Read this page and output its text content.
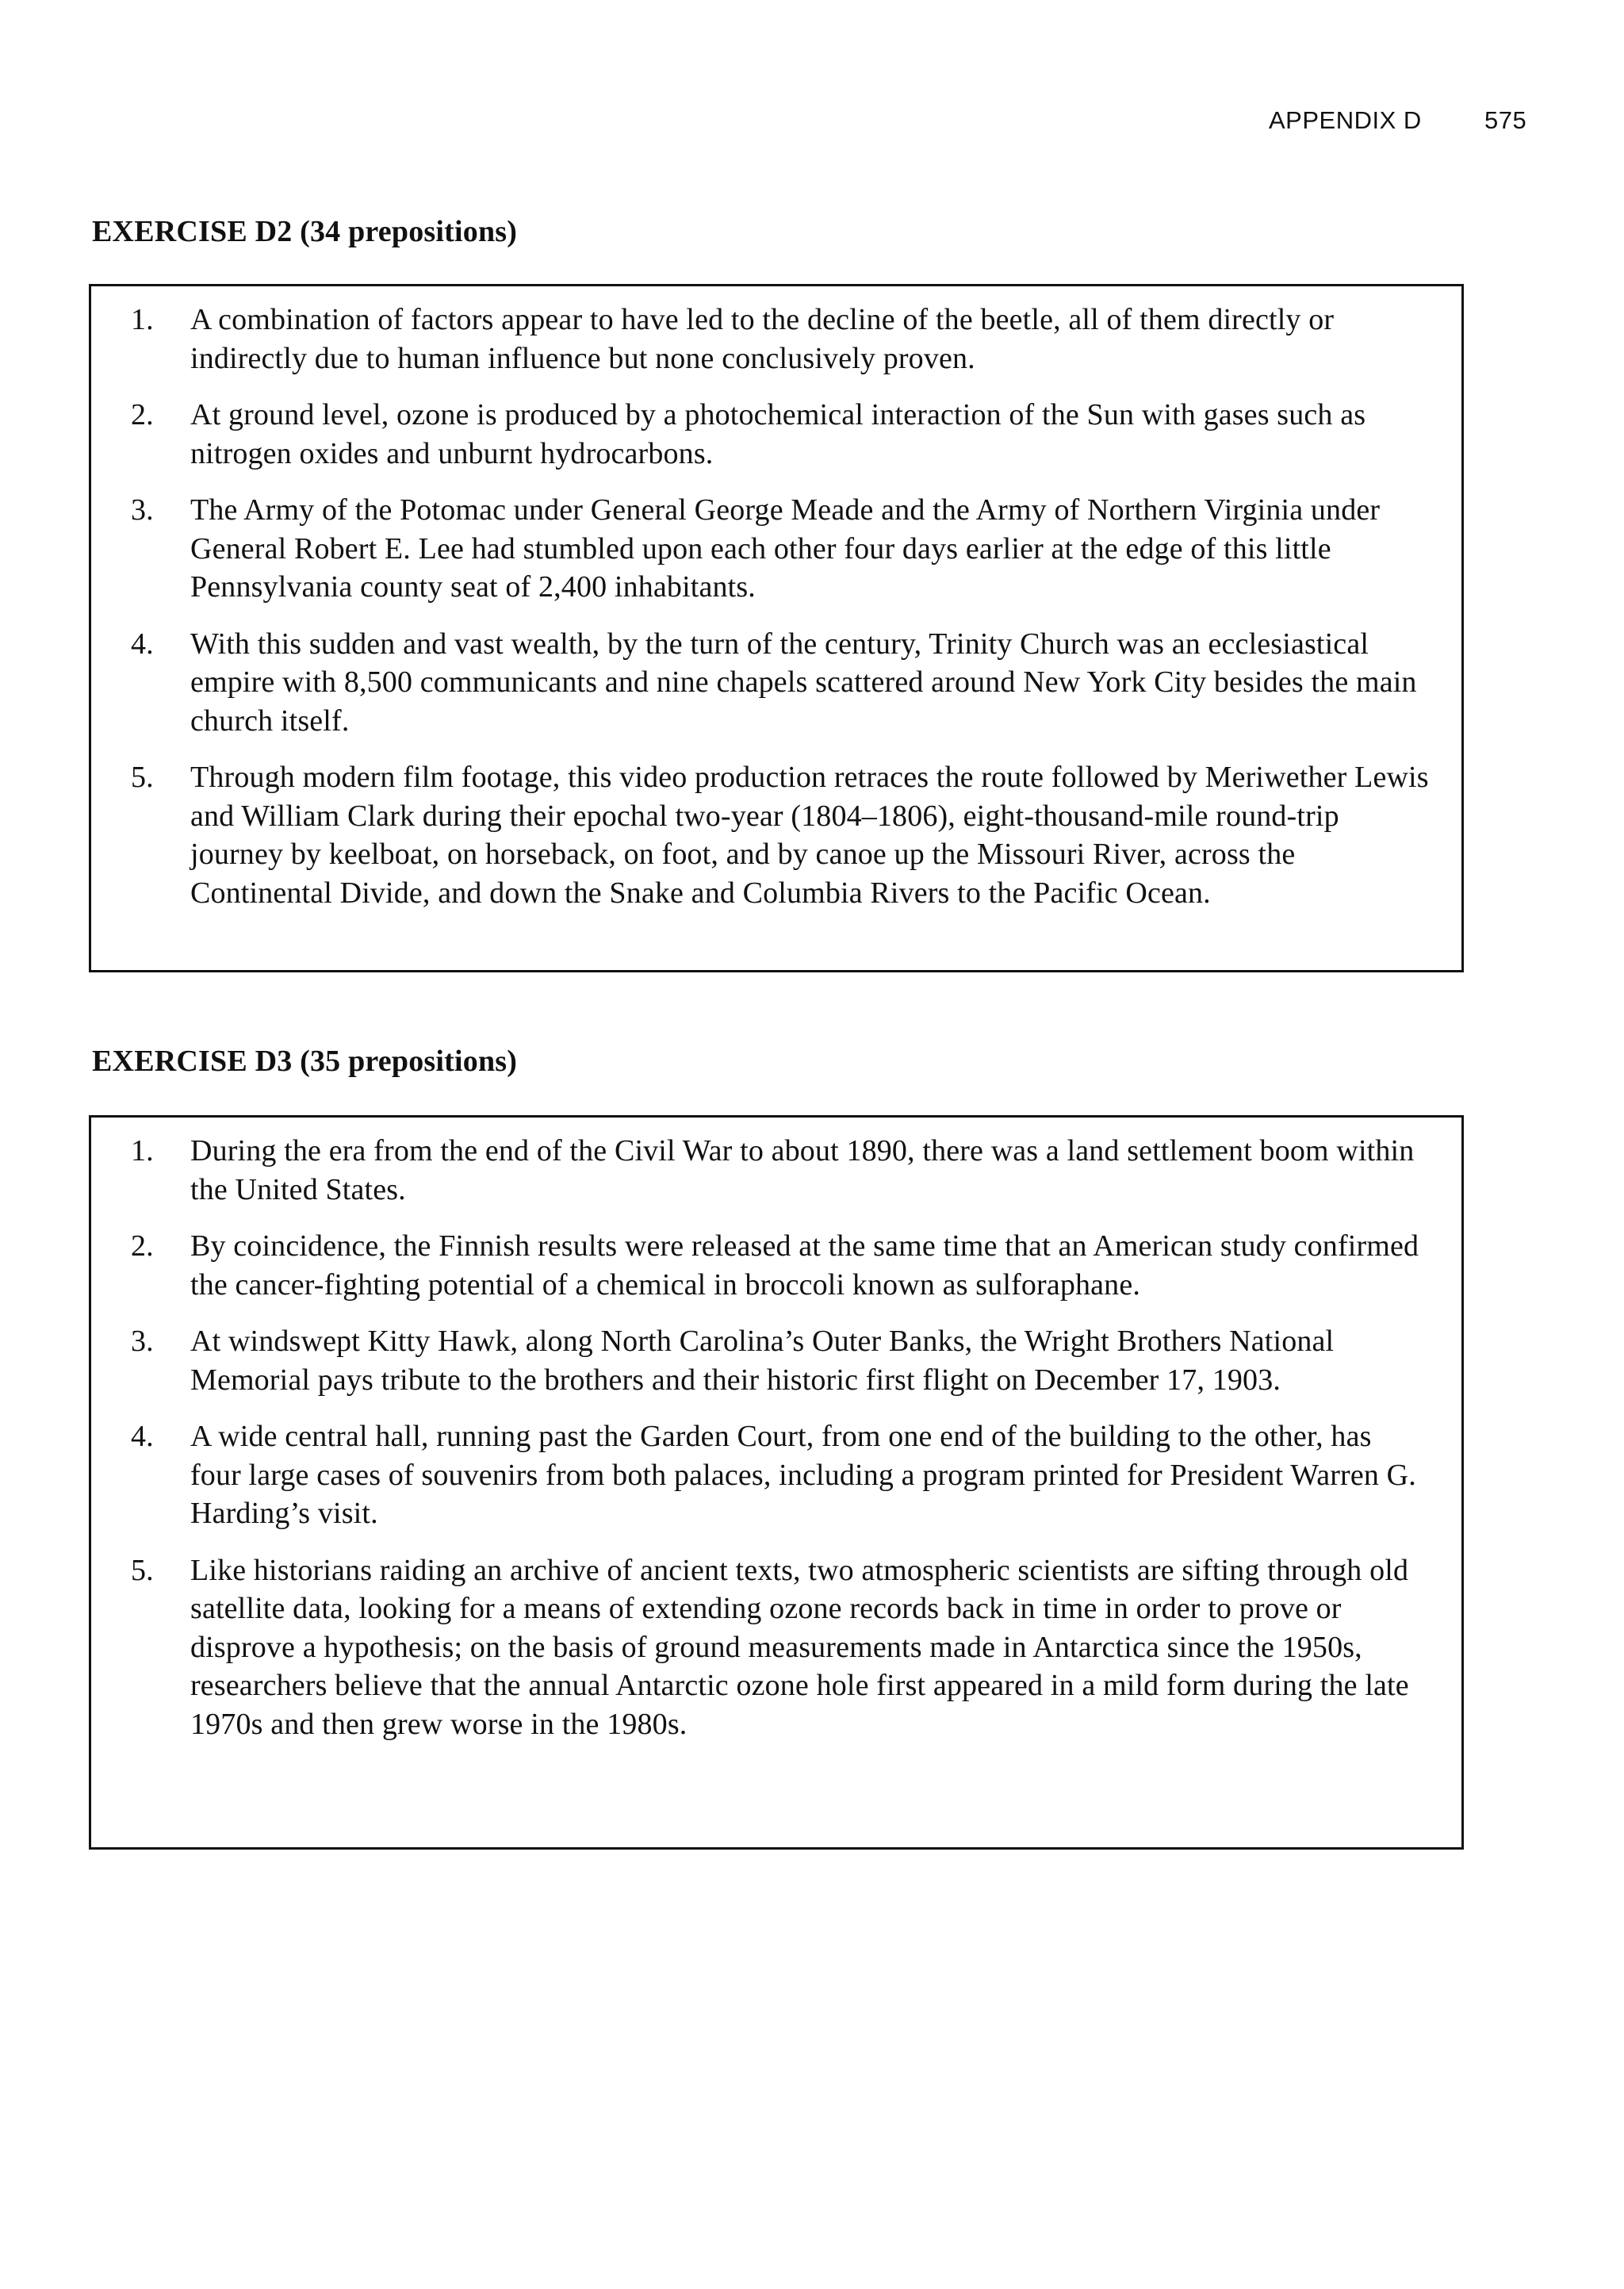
APPENDIX D	575
EXERCISE D2 (34 prepositions)
1. A combination of factors appear to have led to the decline of the beetle, all of them directly or indirectly due to human influence but none conclusively proven.
2. At ground level, ozone is produced by a photochemical interaction of the Sun with gases such as nitrogen oxides and unburnt hydrocarbons.
3. The Army of the Potomac under General George Meade and the Army of Northern Virginia under General Robert E. Lee had stumbled upon each other four days earlier at the edge of this little Pennsylvania county seat of 2,400 inhabitants.
4. With this sudden and vast wealth, by the turn of the century, Trinity Church was an ecclesiastical empire with 8,500 communicants and nine chapels scattered around New York City besides the main church itself.
5. Through modern film footage, this video production retraces the route followed by Meriwether Lewis and William Clark during their epochal two-year (1804–1806), eight-thousand-mile round-trip journey by keelboat, on horseback, on foot, and by canoe up the Missouri River, across the Continental Divide, and down the Snake and Columbia Rivers to the Pacific Ocean.
EXERCISE D3 (35 prepositions)
1. During the era from the end of the Civil War to about 1890, there was a land settlement boom within the United States.
2. By coincidence, the Finnish results were released at the same time that an American study confirmed the cancer-fighting potential of a chemical in broccoli known as sulforaphane.
3. At windswept Kitty Hawk, along North Carolina’s Outer Banks, the Wright Brothers National Memorial pays tribute to the brothers and their historic first flight on December 17, 1903.
4. A wide central hall, running past the Garden Court, from one end of the building to the other, has four large cases of souvenirs from both palaces, including a program printed for President Warren G. Harding’s visit.
5. Like historians raiding an archive of ancient texts, two atmospheric scientists are sifting through old satellite data, looking for a means of extending ozone records back in time in order to prove or disprove a hypothesis; on the basis of ground measurements made in Antarctica since the 1950s, researchers believe that the annual Antarctic ozone hole first appeared in a mild form during the late 1970s and then grew worse in the 1980s.
